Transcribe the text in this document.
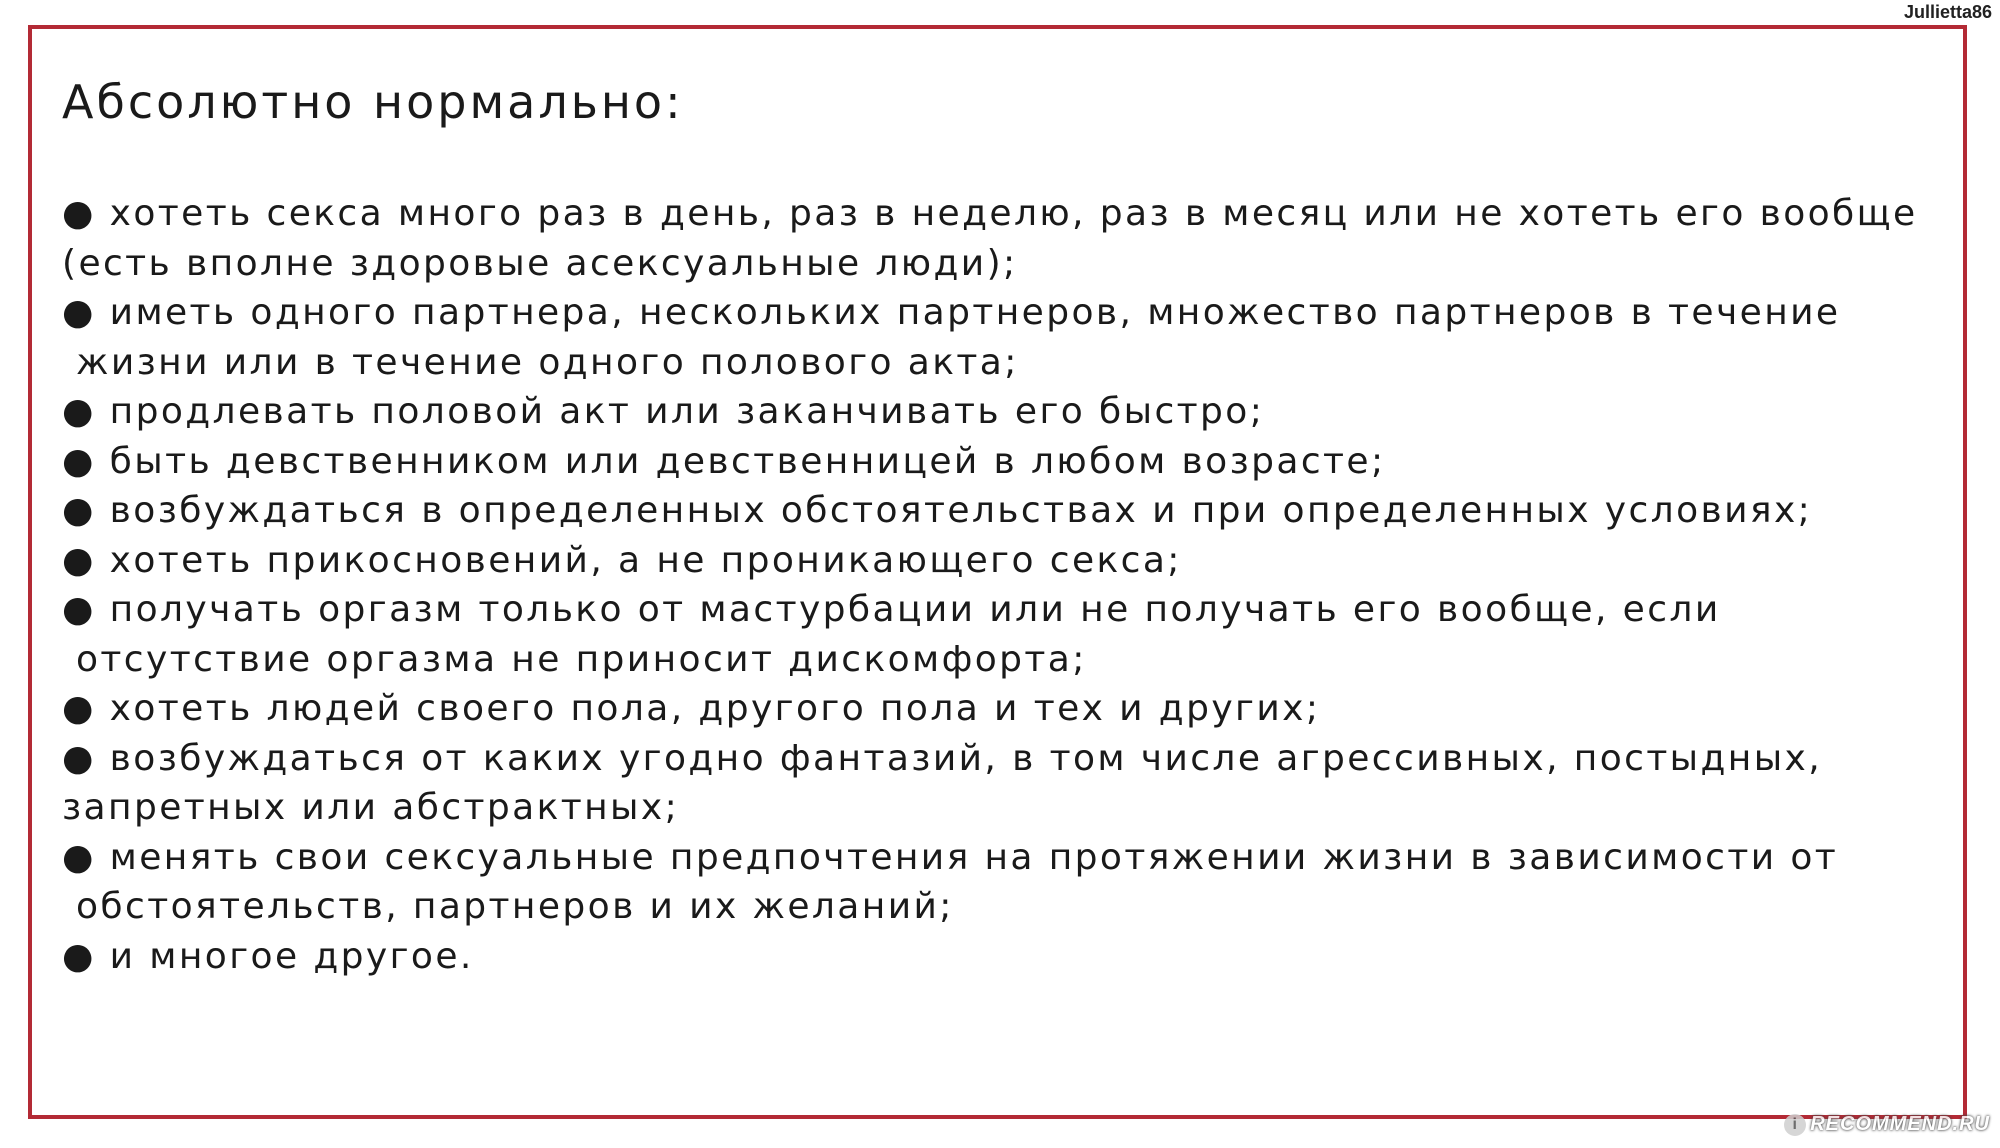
Jullietta86
Абсолютно нормально:
● хотеть секса много раз в день, раз в неделю, раз в месяц или не хотеть его вообще
(есть вполне здоровые асексуальные люди);
● иметь одного партнера, нескольких партнеров, множество партнеров в течение
жизни или в течение одного полового акта;
● продлевать половой акт или заканчивать его быстро;
● быть девственником или девственницей в любом возрасте;
● возбуждаться в определенных обстоятельствах и при определенных условиях;
● хотеть прикосновений, а не проникающего секса;
● получать оргазм только от мастурбации или не получать его вообще, если
отсутствие оргазма не приносит дискомфорта;
● хотеть людей своего пола, другого пола и тех и других;
● возбуждаться от каких угодно фантазий, в том числе агрессивных, постыдных,
запретных или абстрактных;
● менять свои сексуальные предпочтения на протяжении жизни в зависимости от
обстоятельств, партнеров и их желаний;
● и многое другое.
i RECOMMEND.RU
